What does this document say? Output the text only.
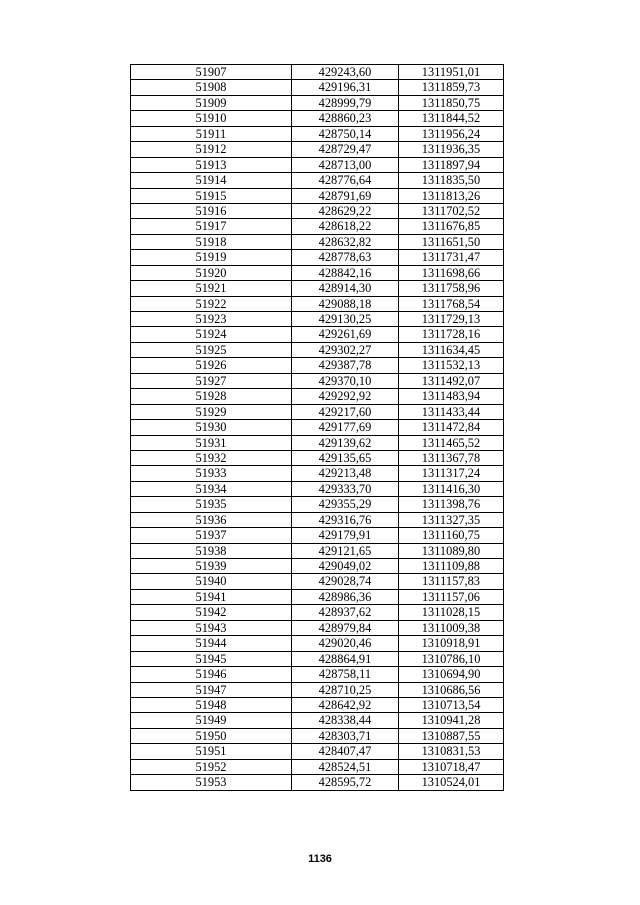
51907	429243,60	1311951,01
51908	429196,31	1311859,73
51909	428999,79	1311850,75
51910	428860,23	1311844,52
51911	428750,14	1311956,24
51912	428729,47	1311936,35
51913	428713,00	1311897,94
51914	428776,64	1311835,50
51915	428791,69	1311813,26
51916	428629,22	1311702,52
51917	428618,22	1311676,85
51918	428632,82	1311651,50
51919	428778,63	1311731,47
51920	428842,16	1311698,66
51921	428914,30	1311758,96
51922	429088,18	1311768,54
51923	429130,25	1311729,13
51924	429261,69	1311728,16
51925	429302,27	1311634,45
51926	429387,78	1311532,13
51927	429370,10	1311492,07
51928	429292,92	1311483,94
51929	429217,60	1311433,44
51930	429177,69	1311472,84
51931	429139,62	1311465,52
51932	429135,65	1311367,78
51933	429213,48	1311317,24
51934	429333,70	1311416,30
51935	429355,29	1311398,76
51936	429316,76	1311327,35
51937	429179,91	1311160,75
51938	429121,65	1311089,80
51939	429049,02	1311109,88
51940	429028,74	1311157,83
51941	428986,36	1311157,06
51942	428937,62	1311028,15
51943	428979,84	1311009,38
51944	429020,46	1310918,91
51945	428864,91	1310786,10
51946	428758,11	1310694,90
51947	428710,25	1310686,56
51948	428642,92	1310713,54
51949	428338,44	1310941,28
51950	428303,71	1310887,55
51951	428407,47	1310831,53
51952	428524,51	1310718,47
51953	428595,72	1310524,01
1136
